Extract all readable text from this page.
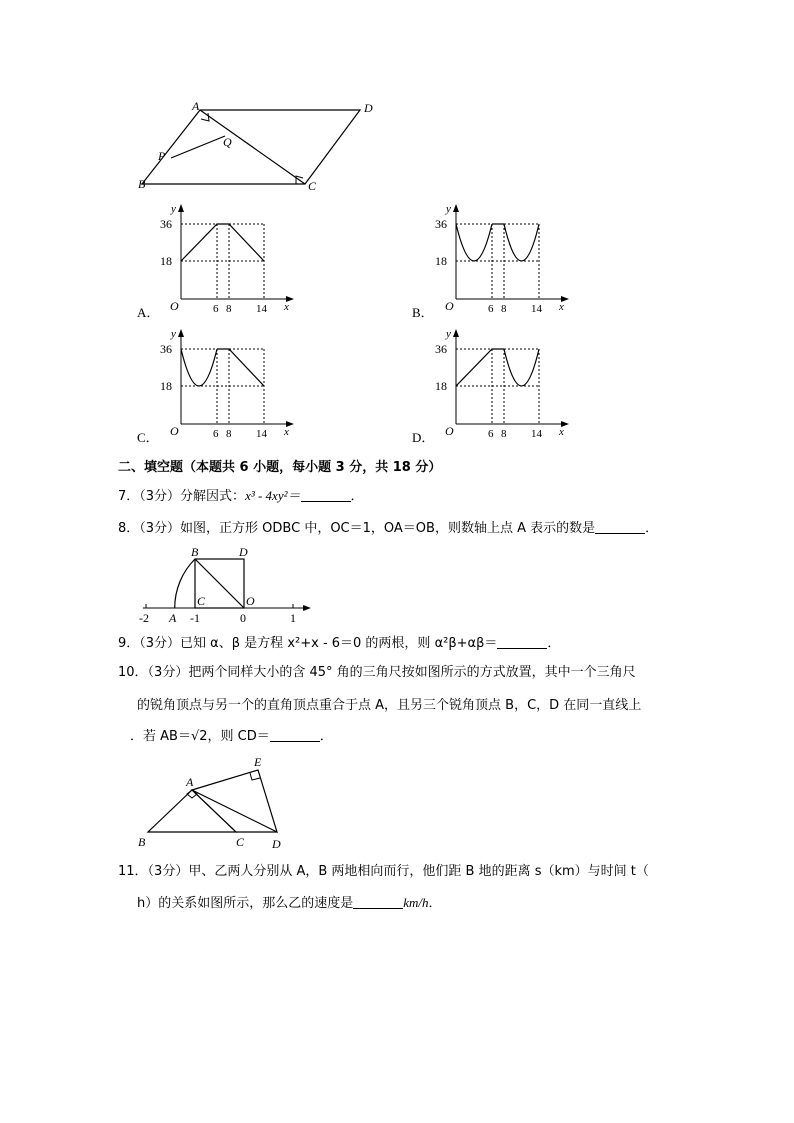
A	D
B	C
P
Q
36
18
O	6 8 14 x
y
A．
36
18
O	6 8 14 x
y
B．
36
18
O	6 8 14 x
y
C．
36
18
O	6 8 14 x
y
D．
二、填空题（本题共 6 小题，每小题 3 分，共 18 分）
7．（3分）分解因式：x³ - 4xy²＝	．
8．（3分）如图，正方形 ODBC 中，OC＝1，OA＝OB，则数轴上点 A 表示的数是	．
B	D
C	O
A
-2	-1	0	1
9．（3分）已知 α、β 是方程 x²+x - 6＝0 的两根，则 α²β+αβ＝	．
10．（3分）把两个同样大小的含 45° 角的三角尺按如图所示的方式放置，其中一个三角尺
的锐角顶点与另一个的直角顶点重合于点 A，且另三个锐角顶点 B，C，D 在同一直线上
．若 AB＝√2，则 CD＝	．
A
E
B	C D
11．（3分）甲、乙两人分别从 A，B 两地相向而行，他们距 B 地的距离 s（km）与时间 t（
h）的关系如图所示，那么乙的速度是	km/h．
